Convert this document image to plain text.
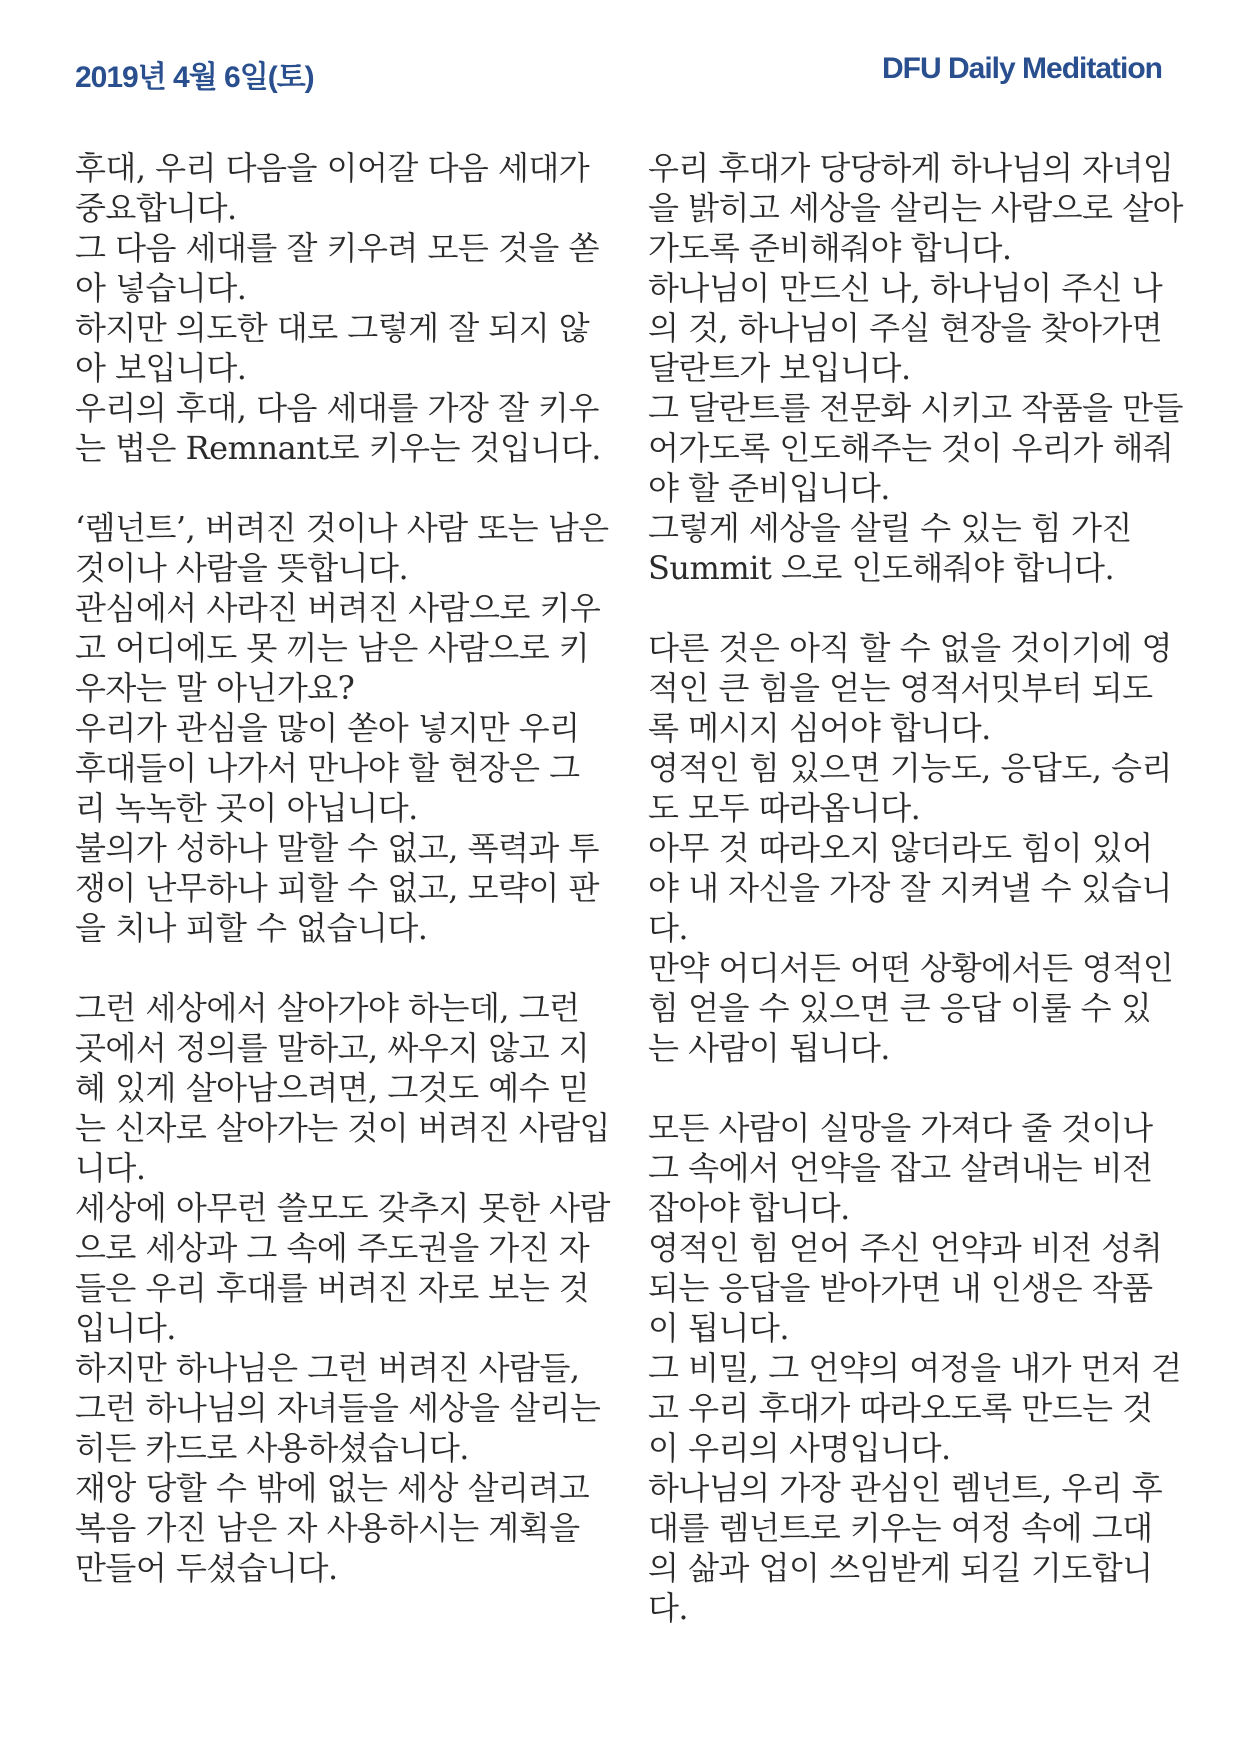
2019년 4월 6일(토)	DFU Daily Meditation
후대, 우리 다음을 이어갈 다음 세대가
중요합니다.
그 다음 세대를 잘 키우려 모든 것을 쏟
아 넣습니다.
하지만 의도한 대로 그렇게 잘 되지 않
아 보입니다.
우리의 후대, 다음 세대를 가장 잘 키우
는 법은 Remnant로 키우는 것입니다.
‘렘넌트’, 버려진 것이나 사람 또는 남은
것이나 사람을 뜻합니다.
관심에서 사라진 버려진 사람으로 키우
고 어디에도 못 끼는 남은 사람으로 키
우자는 말 아닌가요?
우리가 관심을 많이 쏟아 넣지만 우리
후대들이 나가서 만나야 할 현장은 그
리 녹녹한 곳이 아닙니다.
불의가 성하나 말할 수 없고, 폭력과 투
쟁이 난무하나 피할 수 없고, 모략이 판
을 치나 피할 수 없습니다.
그런 세상에서 살아가야 하는데, 그런
곳에서 정의를 말하고, 싸우지 않고 지
혜 있게 살아남으려면, 그것도 예수 믿
는 신자로 살아가는 것이 버려진 사람입
니다.
세상에 아무런 쓸모도 갖추지 못한 사람
으로 세상과 그 속에 주도권을 가진 자
들은 우리 후대를 버려진 자로 보는 것
입니다.
하지만 하나님은 그런 버려진 사람들,
그런 하나님의 자녀들을 세상을 살리는
히든 카드로 사용하셨습니다.
재앙 당할 수 밖에 없는 세상 살리려고
복음 가진 남은 자 사용하시는 계획을
만들어 두셨습니다.
우리 후대가 당당하게 하나님의 자녀임
을 밝히고 세상을 살리는 사람으로 살아
가도록 준비해줘야 합니다.
하나님이 만드신 나, 하나님이 주신 나
의 것, 하나님이 주실 현장을 찾아가면
달란트가 보입니다.
그 달란트를 전문화 시키고 작품을 만들
어가도록 인도해주는 것이 우리가 해줘
야 할 준비입니다.
그렇게 세상을 살릴 수 있는 힘 가진
Summit 으로 인도해줘야 합니다.
다른 것은 아직 할 수 없을 것이기에 영
적인 큰 힘을 얻는 영적서밋부터 되도
록 메시지 심어야 합니다.
영적인 힘 있으면 기능도, 응답도, 승리
도 모두 따라옵니다.
아무 것 따라오지 않더라도 힘이 있어
야 내 자신을 가장 잘 지켜낼 수 있습니
다.
만약 어디서든 어떤 상황에서든 영적인
힘 얻을 수 있으면 큰 응답 이룰 수 있
는 사람이 됩니다.
모든 사람이 실망을 가져다 줄 것이나
그 속에서 언약을 잡고 살려내는 비전
잡아야 합니다.
영적인 힘 얻어 주신 언약과 비전 성취
되는 응답을 받아가면 내 인생은 작품
이 됩니다.
그 비밀, 그 언약의 여정을 내가 먼저 걷
고 우리 후대가 따라오도록 만드는 것
이 우리의 사명입니다.
하나님의 가장 관심인 렘넌트, 우리 후
대를 렘넌트로 키우는 여정 속에 그대
의 삶과 업이 쓰임받게 되길 기도합니
다.
